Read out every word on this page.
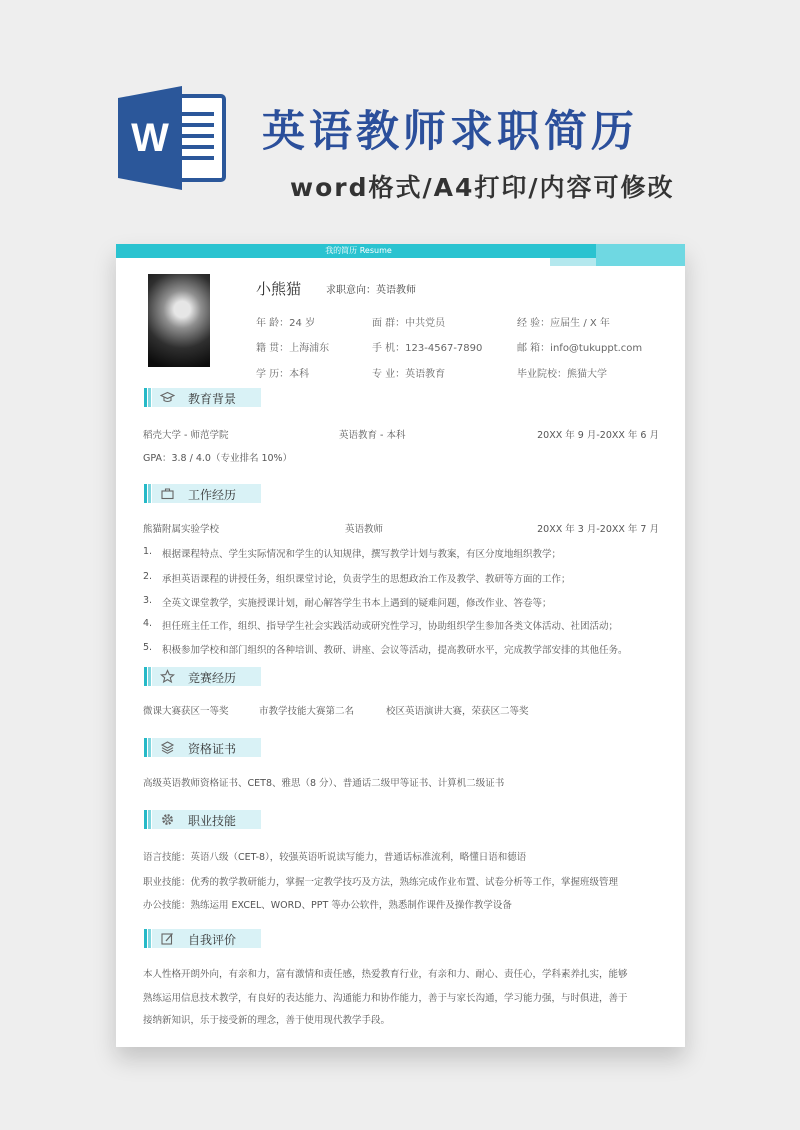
W 英语教师求职简历
word格式/A4打印/内容可修改
我的简历 Resume
小熊猫 求职意向：英语教师
年 龄：24 岁	面 群：中共党员	经 验：应届生 / X 年
籍 贯：上海浦东	手 机：123-4567-7890	邮 箱：info@tukuppt.com
学 历：本科	专 业：英语教育	毕业院校：熊猫大学
教育背景
稻壳大学 - 师范学院	英语教育 - 本科	20XX 年 9 月-20XX 年 6 月
GPA：3.8 / 4.0（专业排名 10%）
工作经历
熊猫附属实验学校	英语教师	20XX 年 3 月-20XX 年 7 月
1. 根据课程特点、学生实际情况和学生的认知规律，撰写教学计划与教案，有区分度地组织教学；
2. 承担英语课程的讲授任务，组织课堂讨论，负责学生的思想政治工作及教学、教研等方面的工作；
3. 全英文课堂教学，实施授课计划，耐心解答学生书本上遇到的疑难问题，修改作业、答卷等；
4. 担任班主任工作，组织、指导学生社会实践活动或研究性学习，协助组织学生参加各类文体活动、社团活动；
5. 积极参加学校和部门组织的各种培训、教研、讲座、会议等活动，提高教研水平，完成教学部安排的其他任务。
竞赛经历
微课大赛获区一等奖	市教学技能大赛第二名	校区英语演讲大赛，荣获区二等奖
资格证书
高级英语教师资格证书、CET8、雅思（8 分）、普通话二级甲等证书、计算机二级证书
职业技能
语言技能：英语八级（CET-8），较强英语听说读写能力，普通话标准流利，略懂日语和德语
职业技能：优秀的教学教研能力，掌握一定教学技巧及方法，熟练完成作业布置、试卷分析等工作，掌握班级管理
办公技能：熟练运用 EXCEL、WORD、PPT 等办公软件，熟悉制作课件及操作教学设备
自我评价
本人性格开朗外向，有亲和力，富有激情和责任感，热爱教育行业，有亲和力、耐心、责任心，学科素养扎实，能够
熟练运用信息技术教学，有良好的表达能力、沟通能力和协作能力，善于与家长沟通，学习能力强，与时俱进，善于
接纳新知识，乐于接受新的理念，善于使用现代教学手段。
